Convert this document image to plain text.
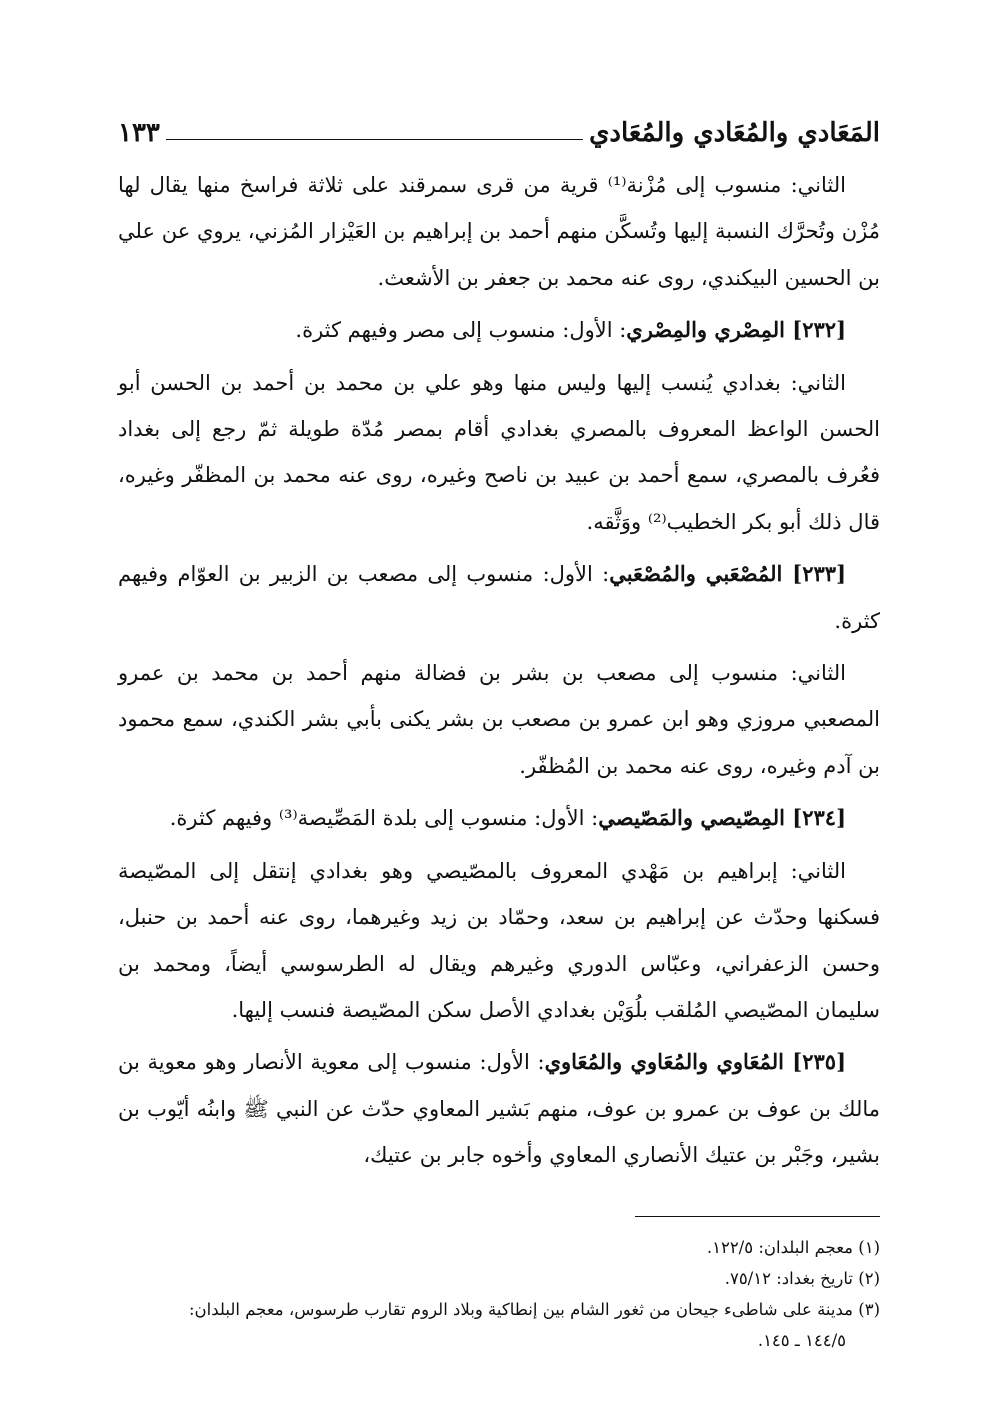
المَعَادي والمُعَادي والمُعَادي
١٣٣

الثاني: منسوب إلى مُزْنة⁽¹⁾ قرية من قرى سمرقند على ثلاثة فراسخ منها يقال لها مُزْن وتُحرَّك النسبة إليها وتُسكَّن منهم أحمد بن إبراهيم بن العَيْزار المُزني، يروي عن علي بن الحسين البيكندي، روى عنه محمد بن جعفر بن الأشعث.

[٢٣٢] المِصْري والمِصْري: الأول: منسوب إلى مصر وفيهم كثرة.

الثاني: بغدادي يُنسب إليها وليس منها وهو علي بن محمد بن أحمد بن الحسن أبو الحسن الواعظ المعروف بالمصري بغدادي أقام بمصر مُدّة طويلة ثمّ رجع إلى بغداد فعُرف بالمصري، سمع أحمد بن عبيد بن ناصح وغيره، روى عنه محمد بن المظفّر وغيره، قال ذلك أبو بكر الخطيب⁽²⁾ ووَثَّقه.

[٢٣٣] المُصْعَبي والمُصْعَبي: الأول: منسوب إلى مصعب بن الزبير بن العوّام وفيهم كثرة.

الثاني: منسوب إلى مصعب بن بشر بن فضالة منهم أحمد بن محمد بن عمرو المصعبي مروزي وهو ابن عمرو بن مصعب بن بشر يكنى بأبي بشر الكندي، سمع محمود بن آدم وغيره، روى عنه محمد بن المُظفّر.

[٢٣٤] المِصّيصي والمَصّيصي: الأول: منسوب إلى بلدة المَصِّيصة⁽³⁾ وفيهم كثرة.

الثاني: إبراهيم بن مَهْدي المعروف بالمصّيصي وهو بغدادي إنتقل إلى المصّيصة فسكنها وحدّث عن إبراهيم بن سعد، وحمّاد بن زيد وغيرهما، روى عنه أحمد بن حنبل، وحسن الزعفراني، وعبّاس الدوري وغيرهم ويقال له الطرسوسي أيضاً، ومحمد بن سليمان المصّيصي المُلقب بلُوَيْن بغدادي الأصل سكن المصّيصة فنسب إليها.

[٢٣٥] المُعَاوي والمُعَاوي والمُعَاوي: الأول: منسوب إلى معوية الأنصار وهو معوية بن مالك بن عوف بن عمرو بن عوف، منهم بَشير المعاوي حدّث عن النبي ﷺ وابنُه أيّوب بن بشير، وجَبْر بن عتيك الأنصاري المعاوي وأخوه جابر بن عتيك،

(١) معجم البلدان: ١٢٢/٥.

(٢) تاريخ بغداد: ٧٥/١٢.

(٣) مدينة على شاطىء جيحان من ثغور الشام بين إنطاكية وبلاد الروم تقارب طرسوس، معجم البلدان:

١٤٤/٥ ـ ١٤٥.
